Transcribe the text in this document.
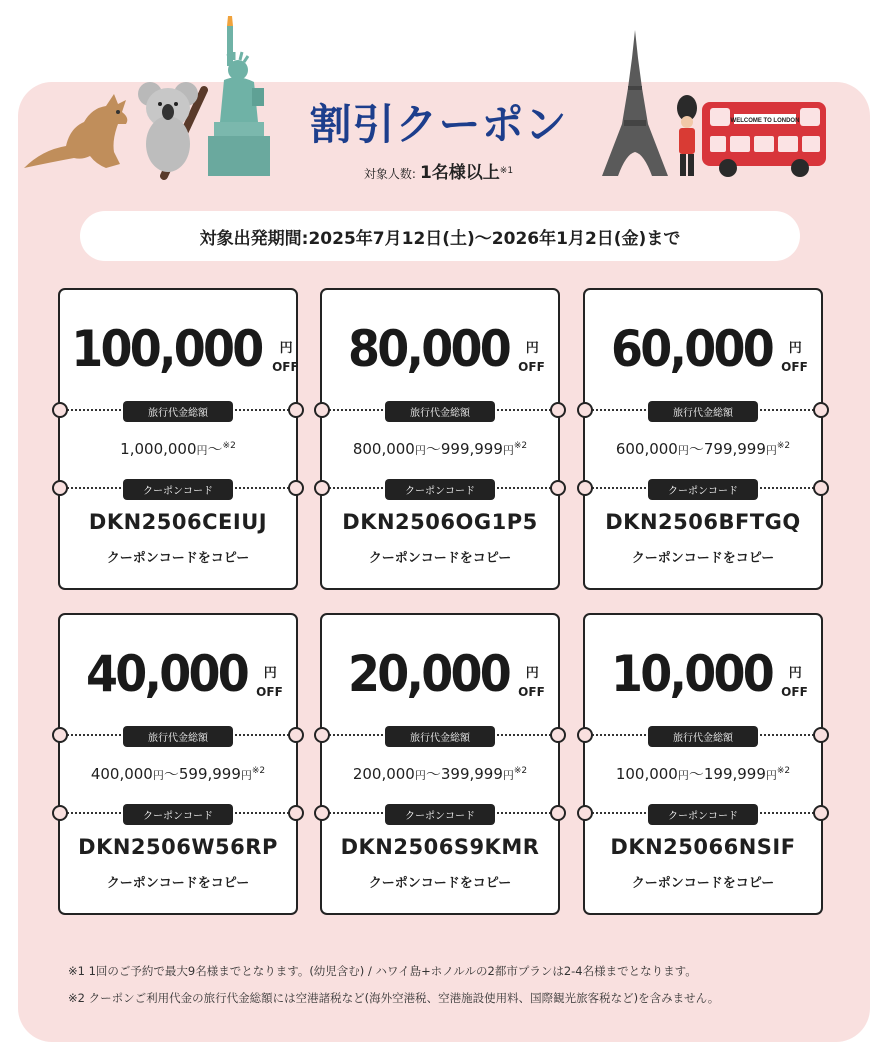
WELCOME TO LONDON
割引クーポン
対象人数: 1名様以上$^{※1}$
対象出発期間:2025年7月12日(土)〜2026年1月2日(金)まで
100,000 円
OFF
旅行代金総額
1,000,000円〜$^{※2}$
クーポンコード
DKN2506CEIUJ
クーポンコードをコピー
80,000 円
OFF
旅行代金総額
800,000円〜999,999円$^{※2}$
クーポンコード
DKN2506OG1P5
クーポンコードをコピー
60,000 円
OFF
旅行代金総額
600,000円〜799,999円$^{※2}$
クーポンコード
DKN2506BFTGQ
クーポンコードをコピー
40,000 円
OFF
旅行代金総額
400,000円〜599,999円$^{※2}$
クーポンコード
DKN2506W56RP
クーポンコードをコピー
20,000 円
OFF
旅行代金総額
200,000円〜399,999円$^{※2}$
クーポンコード
DKN2506S9KMR
クーポンコードをコピー
10,000 円
OFF
旅行代金総額
100,000円〜199,999円$^{※2}$
クーポンコード
DKN25066NSIF
クーポンコードをコピー
※1 1回のご予約で最大9名様までとなります。(幼児含む) / ハワイ島+ホノルルの2都市プランは2-4名様までとなります。
※2 クーポンご利用代金の旅行代金総額には空港諸税など(海外空港税、空港施設使用料、国際観光旅客税など)を含みません。
